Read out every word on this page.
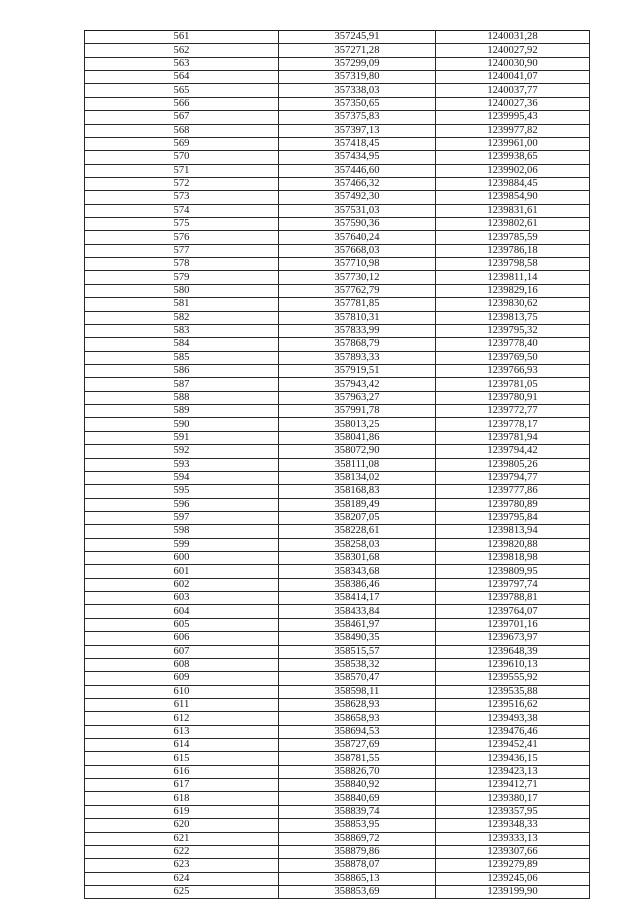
561	357245,91	1240031,28
562	357271,28	1240027,92
563	357299,09	1240030,90
564	357319,80	1240041,07
565	357338,03	1240037,77
566	357350,65	1240027,36
567	357375,83	1239995,43
568	357397,13	1239977,82
569	357418,45	1239961,00
570	357434,95	1239938,65
571	357446,60	1239902,06
572	357466,32	1239884,45
573	357492,30	1239854,90
574	357531,03	1239831,61
575	357590,36	1239802,61
576	357640,24	1239785,59
577	357668,03	1239786,18
578	357710,98	1239798,58
579	357730,12	1239811,14
580	357762,79	1239829,16
581	357781,85	1239830,62
582	357810,31	1239813,75
583	357833,99	1239795,32
584	357868,79	1239778,40
585	357893,33	1239769,50
586	357919,51	1239766,93
587	357943,42	1239781,05
588	357963,27	1239780,91
589	357991,78	1239772,77
590	358013,25	1239778,17
591	358041,86	1239781,94
592	358072,90	1239794,42
593	358111,08	1239805,26
594	358134,02	1239794,77
595	358168,83	1239777,86
596	358189,49	1239780,89
597	358207,05	1239795,84
598	358228,61	1239813,94
599	358258,03	1239820,88
600	358301,68	1239818,98
601	358343,68	1239809,95
602	358386,46	1239797,74
603	358414,17	1239788,81
604	358433,84	1239764,07
605	358461,97	1239701,16
606	358490,35	1239673,97
607	358515,57	1239648,39
608	358538,32	1239610,13
609	358570,47	1239555,92
610	358598,11	1239535,88
611	358628,93	1239516,62
612	358658,93	1239493,38
613	358694,53	1239476,46
614	358727,69	1239452,41
615	358781,55	1239436,15
616	358826,70	1239423,13
617	358840,92	1239412,71
618	358840,69	1239380,17
619	358839,74	1239357,95
620	358853,95	1239348,33
621	358869,72	1239333,13
622	358879,86	1239307,66
623	358878,07	1239279,89
624	358865,13	1239245,06
625	358853,69	1239199,90
